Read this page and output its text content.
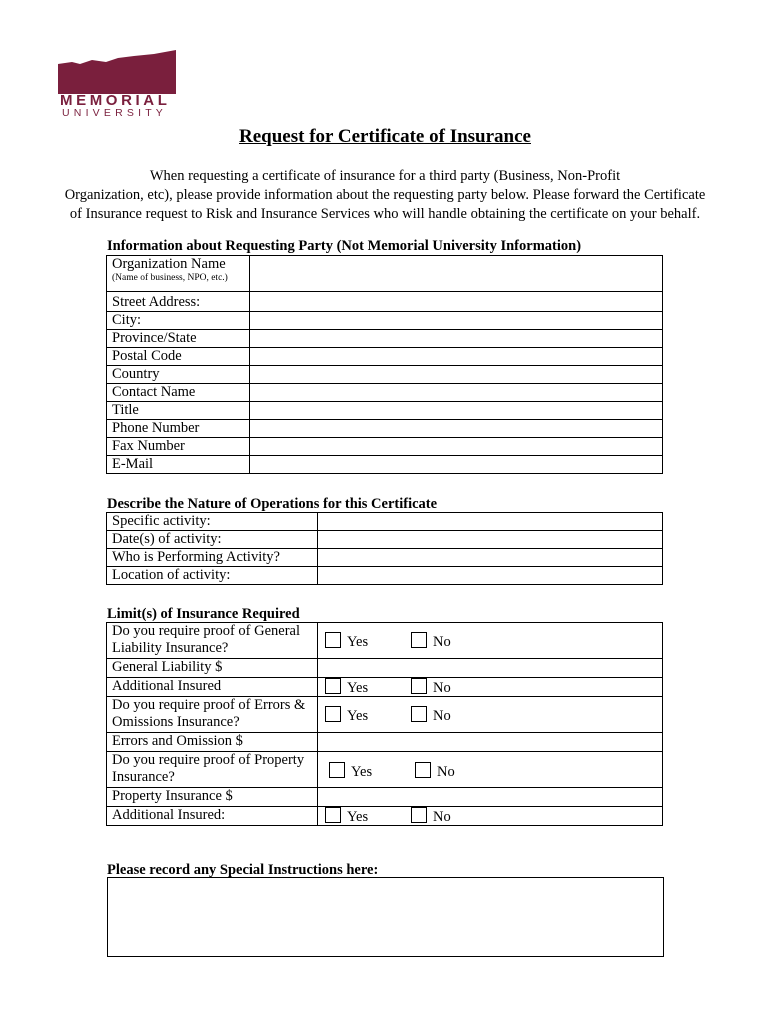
MEMORIAL
UNIVERSITY
Request for Certificate of Insurance
When requesting a certificate of insurance for a third party (Business, Non-Profit
Organization, etc), please provide information about the requesting party below. Please forward the Certificate
of Insurance request to Risk and Insurance Services who will handle obtaining the certificate on your behalf.
Information about Requesting Party (Not Memorial University Information)
Organization Name
(Name of business, NPO, etc.)	

Street Address:	
City:	
Province/State	
Postal Code	
Country	
Contact Name	
Title	
Phone Number	
Fax Number	
E-Mail	
Describe the Nature of Operations for this Certificate
Specific activity:	
Date(s) of activity:	
Who is Performing Activity?	
Location of activity:	
Limit(s) of Insurance Required
Do you require proof of General Liability Insurance?	Yes No

General Liability $	
Additional Insured	Yes No

Do you require proof of Errors & Omissions Insurance?	Yes No

Errors and Omission $	
Do you require proof of Property Insurance?	Yes No

Property Insurance $	
Additional Insured:	Yes No
Please record any Special Instructions here:
